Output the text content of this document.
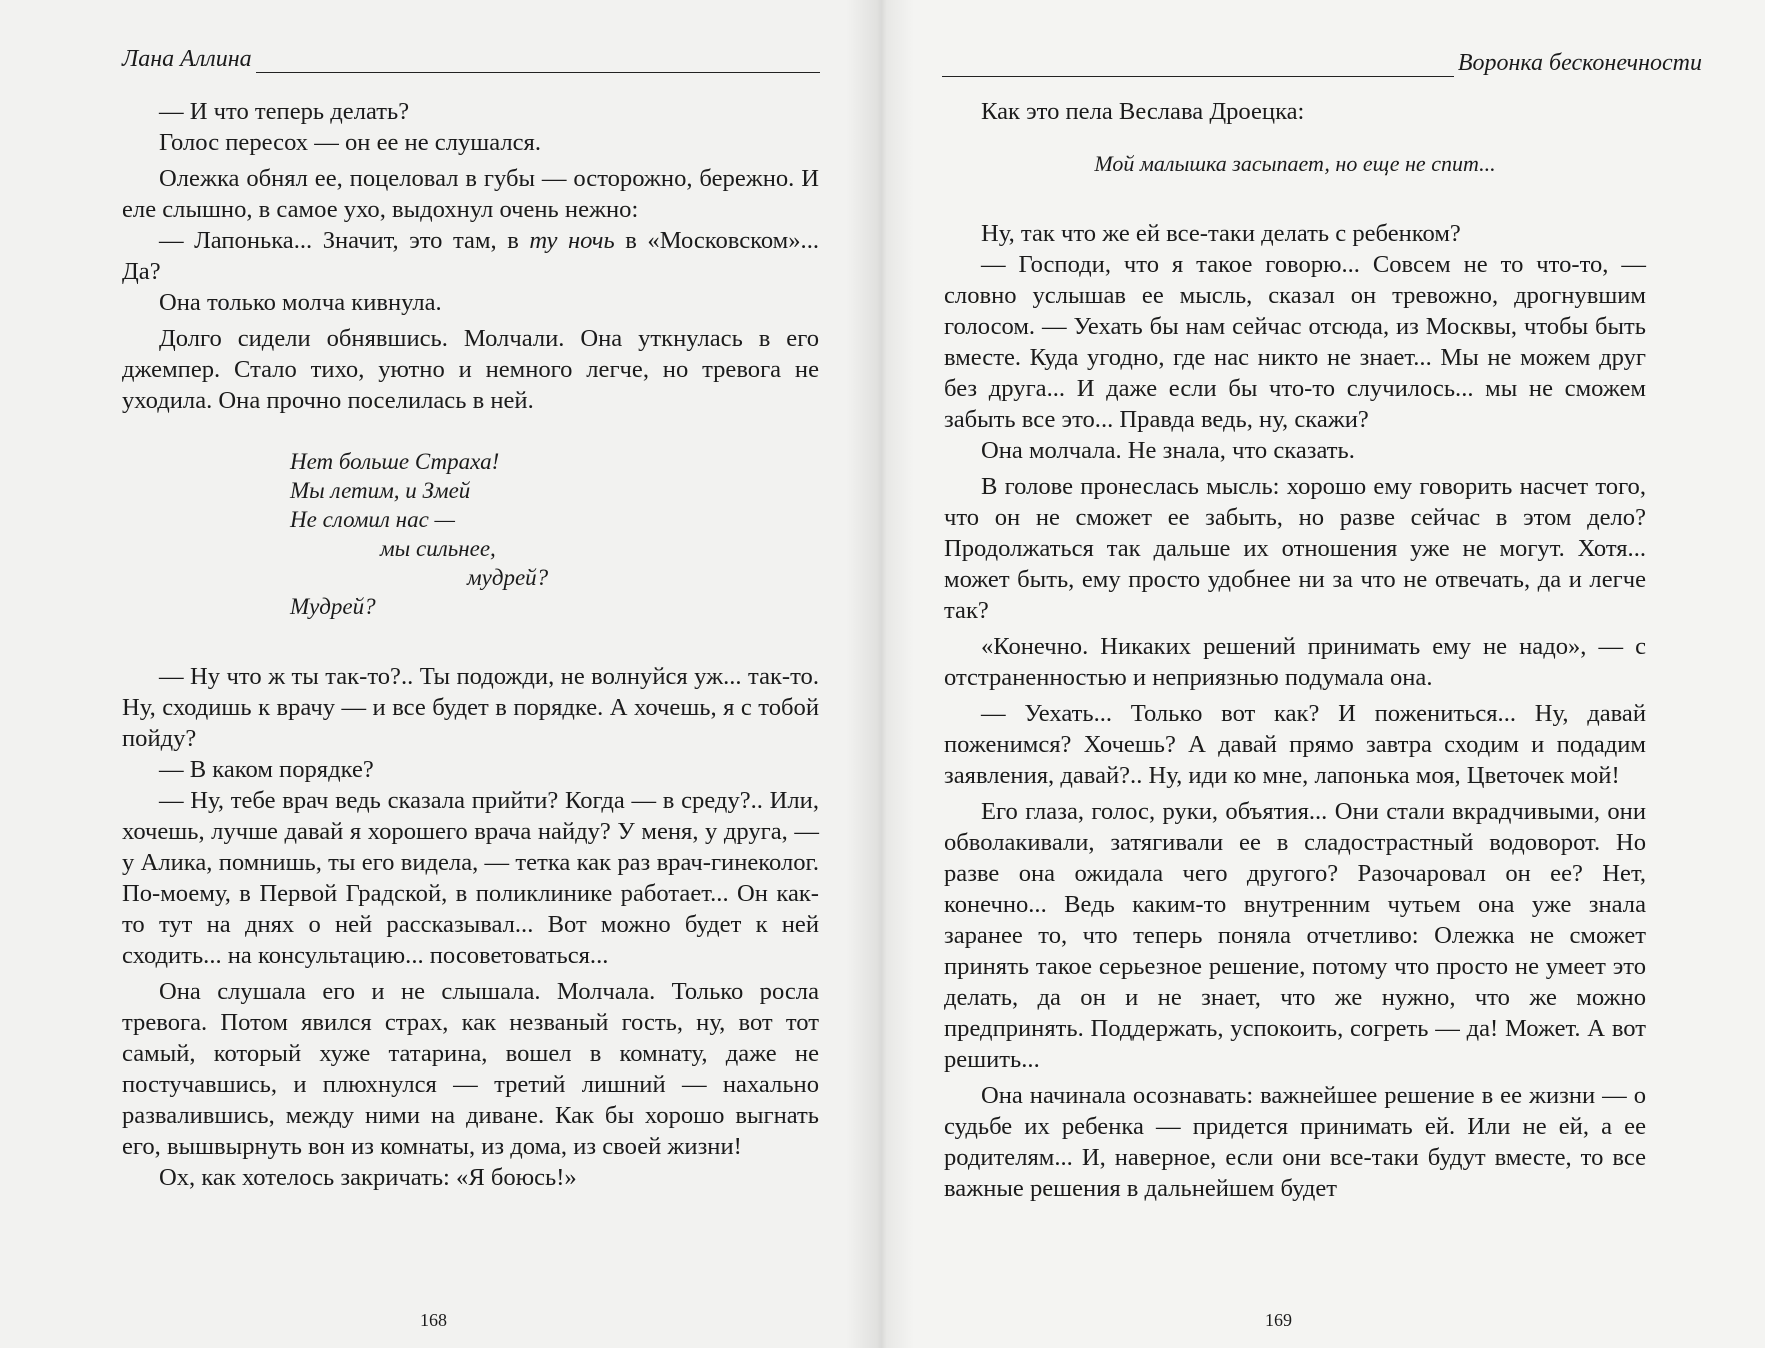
Лана Аллина

— И что теперь делать?

Голос пересох — он ее не слушался.

Олежка обнял ее, поцеловал в губы — осторожно, бережно. И еле слышно, в самое ухо, выдохнул очень нежно:

— Лапонька... Значит, это там, в ту ночь в «Московском»... Да?

Она только молча кивнула.

Долго сидели обнявшись. Молчали. Она уткнулась в его джемпер. Стало тихо, уютно и немного легче, но тревога не уходила. Она прочно поселилась в ней.

Нет больше Страха!
Мы летим, и Змей
Не сломил нас —
мы сильнее,
мудрей?
Мудрей?

— Ну что ж ты так-то?.. Ты подожди, не волнуйся уж... так-то. Ну, сходишь к врачу — и все будет в порядке. А хочешь, я с тобой пойду?

— В каком порядке?

— Ну, тебе врач ведь сказала прийти? Когда — в среду?.. Или, хочешь, лучше давай я хорошего врача найду? У меня, у друга, — у Алика, помнишь, ты его видела, — тетка как раз врач-гинеколог. По-моему, в Первой Градской, в поликлинике работает... Он как-то тут на днях о ней рассказывал... Вот можно будет к ней сходить... на консультацию... посоветоваться...

Она слушала его и не слышала. Молчала. Только росла тревога. Потом явился страх, как незваный гость, ну, вот тот самый, который хуже татарина, вошел в комнату, даже не постучавшись, и плюхнулся — третий лишний — нахально развалившись, между ними на диване. Как бы хорошо выгнать его, вышвырнуть вон из комнаты, из дома, из своей жизни!

Ох, как хотелось закричать: «Я боюсь!»

168
Воронка бесконечности

Как это пела Веслава Дроецка:

Мой малышка засыпает, но еще не спит...

Ну, так что же ей все-таки делать с ребенком?

— Господи, что я такое говорю... Совсем не то что-то, — словно услышав ее мысль, сказал он тревожно, дрогнувшим голосом. — Уехать бы нам сейчас отсюда, из Москвы, чтобы быть вместе. Куда угодно, где нас никто не знает... Мы не можем друг без друга... И даже если бы что-то случилось... мы не сможем забыть все это... Правда ведь, ну, скажи?

Она молчала. Не знала, что сказать.

В голове пронеслась мысль: хорошо ему говорить насчет того, что он не сможет ее забыть, но разве сейчас в этом дело? Продолжаться так дальше их отношения уже не могут. Хотя... может быть, ему просто удобнее ни за что не отвечать, да и легче так?

«Конечно. Никаких решений принимать ему не надо», — с отстраненностью и неприязнью подумала она.

— Уехать... Только вот как? И пожениться... Ну, давай поженимся? Хочешь? А давай прямо завтра сходим и подадим заявления, давай?.. Ну, иди ко мне, лапонька моя, Цветочек мой!

Его глаза, голос, руки, объятия... Они стали вкрадчивыми, они обволакивали, затягивали ее в сладострастный водоворот. Но разве она ожидала чего другого? Разочаровал он ее? Нет, конечно... Ведь каким-то внутренним чутьем она уже знала заранее то, что теперь поняла отчетливо: Олежка не сможет принять такое серьезное решение, потому что просто не умеет это делать, да он и не знает, что же нужно, что же можно предпринять. Поддержать, успокоить, согреть — да! Может. А вот решить...

Она начинала осознавать: важнейшее решение в ее жизни — о судьбе их ребенка — придется принимать ей. Или не ей, а ее родителям... И, наверное, если они все-таки будут вместе, то все важные решения в дальнейшем будет

169
